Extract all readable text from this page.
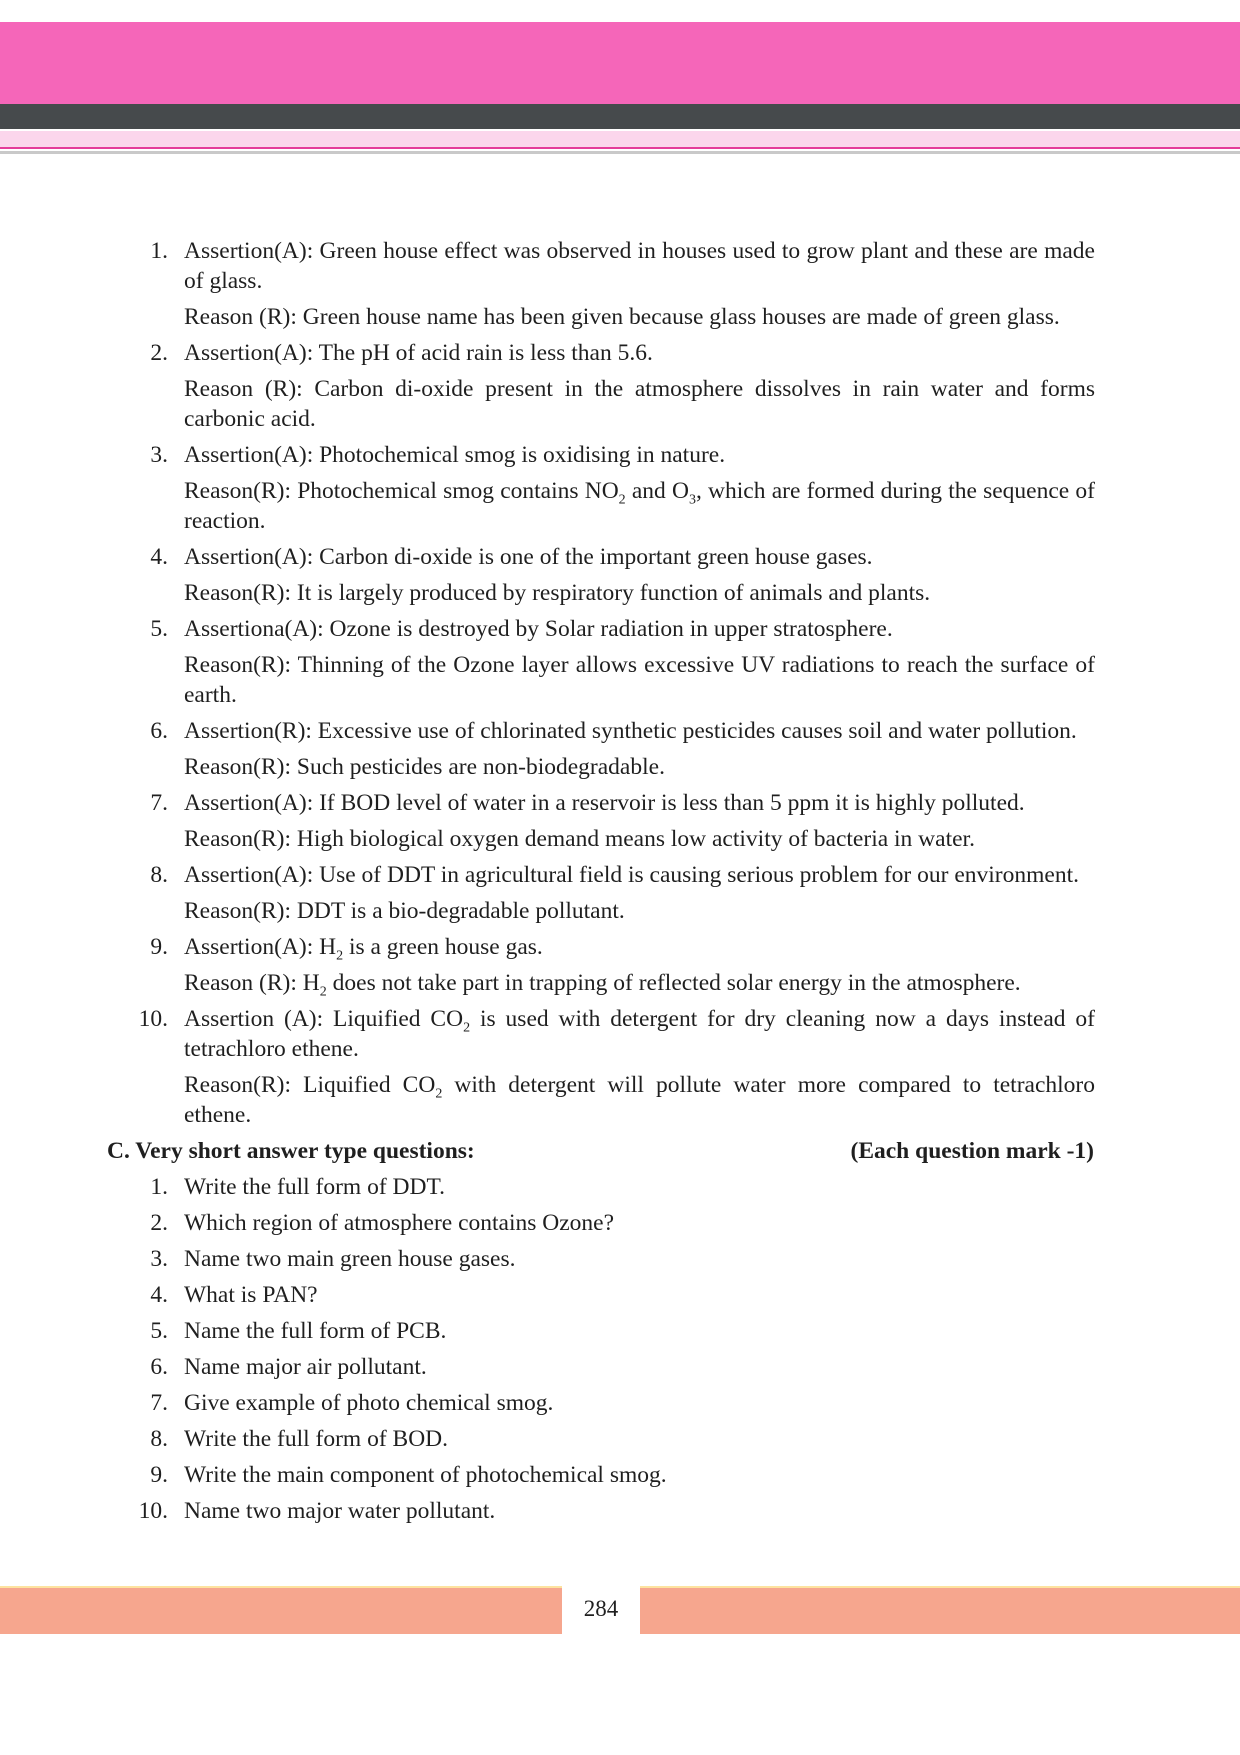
1. Assertion(A): Green house effect was observed in houses used to grow plant and these are made of glass.
Reason (R): Green house name has been given because glass houses are made of green glass.
2. Assertion(A): The pH of acid rain is less than 5.6.
Reason (R): Carbon di-oxide present in the atmosphere dissolves in rain water and forms carbonic acid.
3. Assertion(A): Photochemical smog is oxidising in nature.
Reason(R): Photochemical smog contains $NO_2$ and $O_3$, which are formed during the sequence of reaction.
4. Assertion(A): Carbon di-oxide is one of the important green house gases.
Reason(R): It is largely produced by respiratory function of animals and plants.
5. Assertiona(A): Ozone is destroyed by Solar radiation in upper stratosphere.
Reason(R): Thinning of the Ozone layer allows excessive UV radiations to reach the surface of earth.
6. Assertion(R): Excessive use of chlorinated synthetic pesticides causes soil and water pollution.
Reason(R): Such pesticides are non-biodegradable.
7. Assertion(A): If BOD level of water in a reservoir is less than 5 ppm it is highly polluted.
Reason(R): High biological oxygen demand means low activity of bacteria in water.
8. Assertion(A): Use of DDT in agricultural field is causing serious problem for our environment.
Reason(R): DDT is a bio-degradable pollutant.
9. Assertion(A): $H_2$ is a green house gas.
Reason (R): $H_2$ does not take part in trapping of reflected solar energy in the atmosphere.
10. Assertion (A): Liquified $CO_2$ is used with detergent for dry cleaning now a days instead of tetrachloro ethene.
Reason(R): Liquified $CO_2$ with detergent will pollute water more compared to tetrachloro ethene.
C. Very short answer type questions:	(Each question mark -1)
1. Write the full form of DDT.
2. Which region of atmosphere contains Ozone?
3. Name two main green house gases.
4. What is PAN?
5. Name the full form of PCB.
6. Name major air pollutant.
7. Give example of photo chemical smog.
8. Write the full form of BOD.
9. Write the main component of photochemical smog.
10. Name two major water pollutant.
284
